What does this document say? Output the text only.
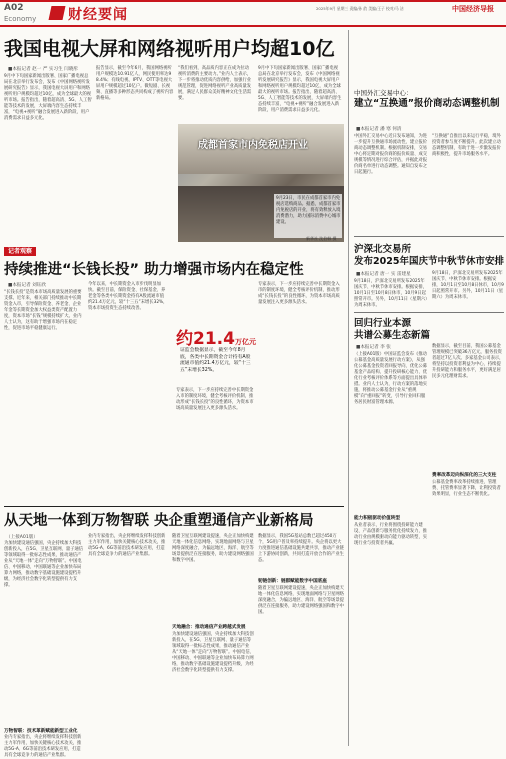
A02
Economy 财经要闻	2025年9月 星期三 责编/孙 韵 美编/王子 校对/马 洁	中国经济导报
我国电视大屏和网络视听用户均超10亿
■本报记者 赵一 严 实习生 闫晓彤
9月中下旬国家新闻出版署、国家广播电视总局在北京举行发布会，发布《中国网络视听发展研究报告》显示，我国电视大屏用户和网络视听用户规模均超过10亿，成为全球最大的视听市场。报告指出，随着超高清、5G、人工智能等技术的发展，大屏端内容生态持续丰富，“电视+视听”融合发展进入新阶段，用户消费需求日益多元化。
报告显示，截至今年6月，我国网络视听用户规模达10.91亿人，网民使用率达98.4%；有线电视、IPTV、OTT等电视大屏用户规模超过10亿户。微短剧、长视频、直播等多种形态共同构成了视听内容新格局。
“我们看到，高品质内容正在成为拉动视听消费的主要动力。”业内人士表示，下一步将推动优质内容供给，加强行业规范管理，促进网络视听产业高质量发展，满足人民群众美好精神文化生活需要。
9月中下旬国家新闻出版署、国家广播电视总局在北京举行发布会，发布《中国网络视听发展研究报告》显示，我国电视大屏用户和网络视听用户规模均超过10亿，成为全球最大的视听市场。报告指出，随着超高清、5G、人工智能等技术的发展，大屏端内容生态持续丰富，“电视+视听”融合发展进入新阶段，用户消费需求日益多元化。
成都首家市内免税店开业
9月23日，市民在成都首家市内免税店选购商品。据悉，成都首家市内免税店的开业，将有效释放入境消费潜力，助力国际消费中心城市建设。
新华社 沈伯韩 摄
记者观察
持续推进“长钱长投” 助力增强市场内在稳定性
■本报记者 刘钰欣
“长钱长投”是资本市场高质量发展的重要支撑。近年来，相关部门持续推动中长期资金入市，引导保险资金、养老金、企业年金等长期资金加大权益类资产配置力度，资本市场“长钱”规模持续扩大。业内人士认为，这有助于增强市场内在稳定性，促进市场平稳健康运行。
今年以来，中长期资金入市步伐明显加快。截至目前，保险资金、社保基金、养老金等各类中长期资金持有A股流通市值约21.4万亿元，较“十三五”末增长32%，资本市场投资生态持续改善。
专家表示，下一步应持续完善中长期资金入市的制度环境，健全考核评价机制，推动形成“长钱长投”的良性循环，为资本市场高质量发展注入更多源头活水。
约21.4万亿元
证监会数据显示，截至今年8月底，各类中长期资金合计持有A股流通市值约21.4万亿元，较“十三五”末增长32%。
专家表示，下一步应持续完善中长期资金入市的制度环境，健全考核评价机制，推动形成“长钱长投”的良性循环，为资本市场高质量发展注入更多源头活水。
从天地一体到万物智联 央企重塑通信产业新格局
（上接A01版）
为加快建设通信强国，央企持续加大科技创新投入，在5G、卫星互联网、量子通信等领域取得一批标志性成果，推动通信产业从“天地一体”走向“万物智联”。中国电信、中国移动、中国联通等企业加快布局算力网络，推动数字基础设施建设提档升级，为经济社会数字化转型提供有力支撑。
万物智联：技术革新赋能新型工业化
业内专家指出，央企将继续发挥科技创新主力军作用，加快关键核心技术攻关，推动5G-A、6G等前沿技术研发应用，打造具有全球竞争力的通信产业集群。
业内专家指出，央企将继续发挥科技创新主力军作用，加快关键核心技术攻关，推动5G-A、6G等前沿技术研发应用，打造具有全球竞争力的通信产业集群。
随着卫星互联网建设提速，央企正加快构建天地一体化信息网络，实现地面网络与卫星网络深度融合，为偏远地区、海洋、航空等场景提供泛在连接服务，助力建设网络强国和数字中国。
天地融合：推动通信产业跨越式发展
为加快建设通信强国，央企持续加大科技创新投入，在5G、卫星互联网、量子通信等领域取得一批标志性成果，推动通信产业从“天地一体”走向“万物智联”。中国电信、中国移动、中国联通等企业加快布局算力网络，推动数字基础设施建设提档升级，为经济社会数字化转型提供有力支撑。
数据显示，我国5G基站总数已超过450万个，5G用户普及率持续提升。央企将以更大力度推进通信基础设施共建共享，推动产业链上下游协同创新，共同打造开放合作的产业生态。
韧链创新：链群赋能数字中国底座
随着卫星互联网建设提速，央企正加快构建天地一体化信息网络，实现地面网络与卫星网络深度融合，为偏远地区、海洋、航空等场景提供泛在连接服务，助力建设网络强国和数字中国。
中国外汇交易中心：
建立“互换通”报价商动态调整机制
■本报记者 潘 寒 何清
中国外汇交易中心近日发布通知，为进一步提升互换通市场流动性，建立报价商动态调整机制。根据机制安排，交易中心将定期对报价商的报价质量、成交规模等情况进行综合评估，并据此对报价商名单进行动态调整。通知自发布之日起施行。
“互换通”自推出以来运行平稳，境外投资者参与度不断提升。此次建立动态调整机制，有助于进一步激发报价商积极性，提升市场服务水平。
沪深北交易所
发布2025年国庆节中秋节休市安排
■本报记者 唐一 实 雷建星
9月18日，沪深北交易所发布2025年国庆节、中秋节休市安排。根据安排，10月1日至10月8日休市，10月9日起照常开市。另外，10月11日（星期六）为周末休市。
9月18日，沪深北交易所发布2025年国庆节、中秋节休市安排。根据安排，10月1日至10月8日休市，10月9日起照常开市。另外，10月11日（星期六）为周末休市。
回归行业本源
共谱公募生态新篇
■本报记者 李 张
（上接A01版）中国证监会发布《推动公募基金高质量发展行动方案》，从强化公募基金投资者回报导向、优化公募基金产品结构、提升投研核心能力、优化行业考核评价体系等方面提出具体举措。业内人士认为，行动方案的落地实施，将推动公募基金行业从“重规模”向“重回报”转变，引导行业回归服务居民财富管理本源。
能力积极驱动价值转型
从业者表示，行业将围绕投研能力建设、产品创新与服务优化持续发力，推动行业由规模驱动向能力驱动转型，实现行业与投资者共赢。
数据显示，截至目前，我国公募基金管理规模已突破36万亿元，服务投资者超过7亿人次。多家基金公司表示，将坚持以投资者利益为中心，持续提升投研能力和服务水平，更好满足居民多元化理财需求。
费率改革迈向纵深化的三大支柱
公募基金费率改革持续推进，管理费、托管费率显著下降，让利投资者效果明显，行业生态不断优化。
